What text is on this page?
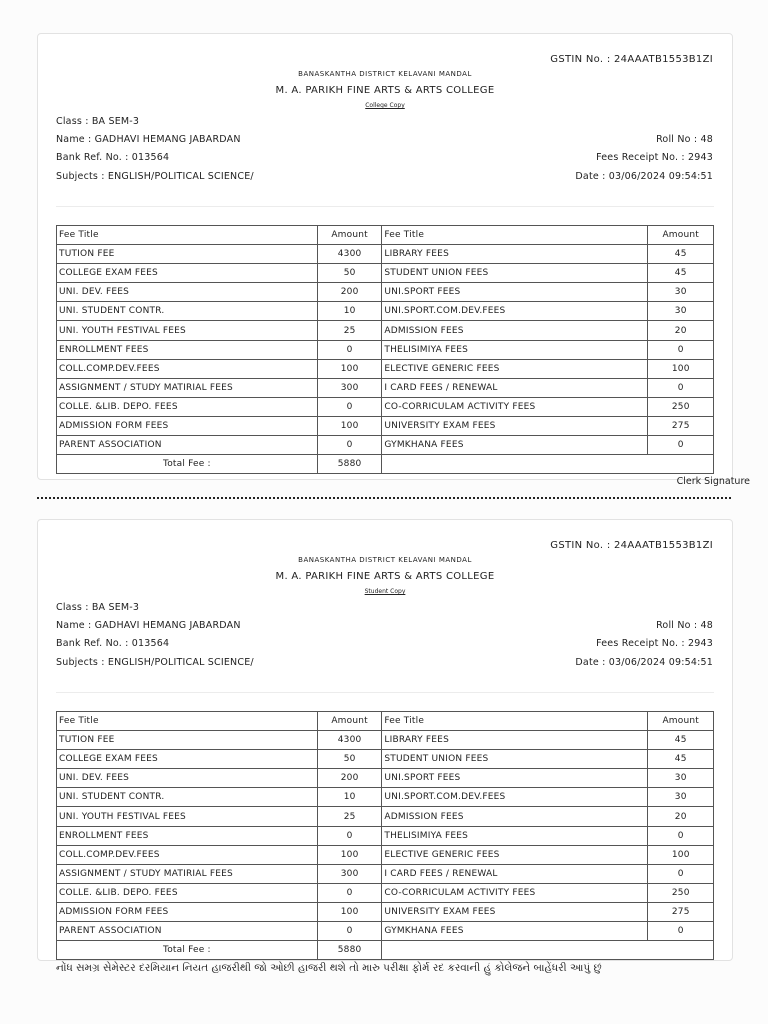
GSTIN No. : 24AAATB1553B1ZI
BANASKANTHA DISTRICT KELAVANI MANDAL
M. A. PARIKH FINE ARTS & ARTS COLLEGE
College Copy
Class : BA SEM-3
Name : GADHAVI HEMANG JABARDAN
Bank Ref. No. : 013564
Subjects : ENGLISH/POLITICAL SCIENCE/
Roll No : 48
Fees Receipt No. : 2943
Date : 03/06/2024 09:54:51
Fee Title	Amount	Fee Title	Amount
TUTION FEE	4300	LIBRARY FEES	45
COLLEGE EXAM FEES	50	STUDENT UNION FEES	45
UNI. DEV. FEES	200	UNI.SPORT FEES	30
UNI. STUDENT CONTR.	10	UNI.SPORT.COM.DEV.FEES	30
UNI. YOUTH FESTIVAL FEES	25	ADMISSION FEES	20
ENROLLMENT FEES	0	THELISIMIYA FEES	0
COLL.COMP.DEV.FEES	100	ELECTIVE GENERIC FEES	100
ASSIGNMENT / STUDY MATIRIAL FEES	300	I CARD FEES / RENEWAL	0
COLLE. &LIB. DEPO. FEES	0	CO-CORRICULAM ACTIVITY FEES	250
ADMISSION FORM FEES	100	UNIVERSITY EXAM FEES	275
PARENT ASSOCIATION	0	GYMKHANA FEES	0
Total Fee :	5880		
Clerk Signature
GSTIN No. : 24AAATB1553B1ZI
BANASKANTHA DISTRICT KELAVANI MANDAL
M. A. PARIKH FINE ARTS & ARTS COLLEGE
Student Copy
Class : BA SEM-3
Name : GADHAVI HEMANG JABARDAN
Bank Ref. No. : 013564
Subjects : ENGLISH/POLITICAL SCIENCE/
Roll No : 48
Fees Receipt No. : 2943
Date : 03/06/2024 09:54:51
Fee Title	Amount	Fee Title	Amount
TUTION FEE	4300	LIBRARY FEES	45
COLLEGE EXAM FEES	50	STUDENT UNION FEES	45
UNI. DEV. FEES	200	UNI.SPORT FEES	30
UNI. STUDENT CONTR.	10	UNI.SPORT.COM.DEV.FEES	30
UNI. YOUTH FESTIVAL FEES	25	ADMISSION FEES	20
ENROLLMENT FEES	0	THELISIMIYA FEES	0
COLL.COMP.DEV.FEES	100	ELECTIVE GENERIC FEES	100
ASSIGNMENT / STUDY MATIRIAL FEES	300	I CARD FEES / RENEWAL	0
COLLE. &LIB. DEPO. FEES	0	CO-CORRICULAM ACTIVITY FEES	250
ADMISSION FORM FEES	100	UNIVERSITY EXAM FEES	275
PARENT ASSOCIATION	0	GYMKHANA FEES	0
Total Fee :	5880		
નોંધ સમગ્ર સેમેસ્ટર દરમિયાન નિયત હાજરીથી જો ઓછી હાજરી થશે તો મારુ પરીક્ષા ફોર્મ રદ કરવાની હું કોલેજને બાહેંધરી આપું છું
